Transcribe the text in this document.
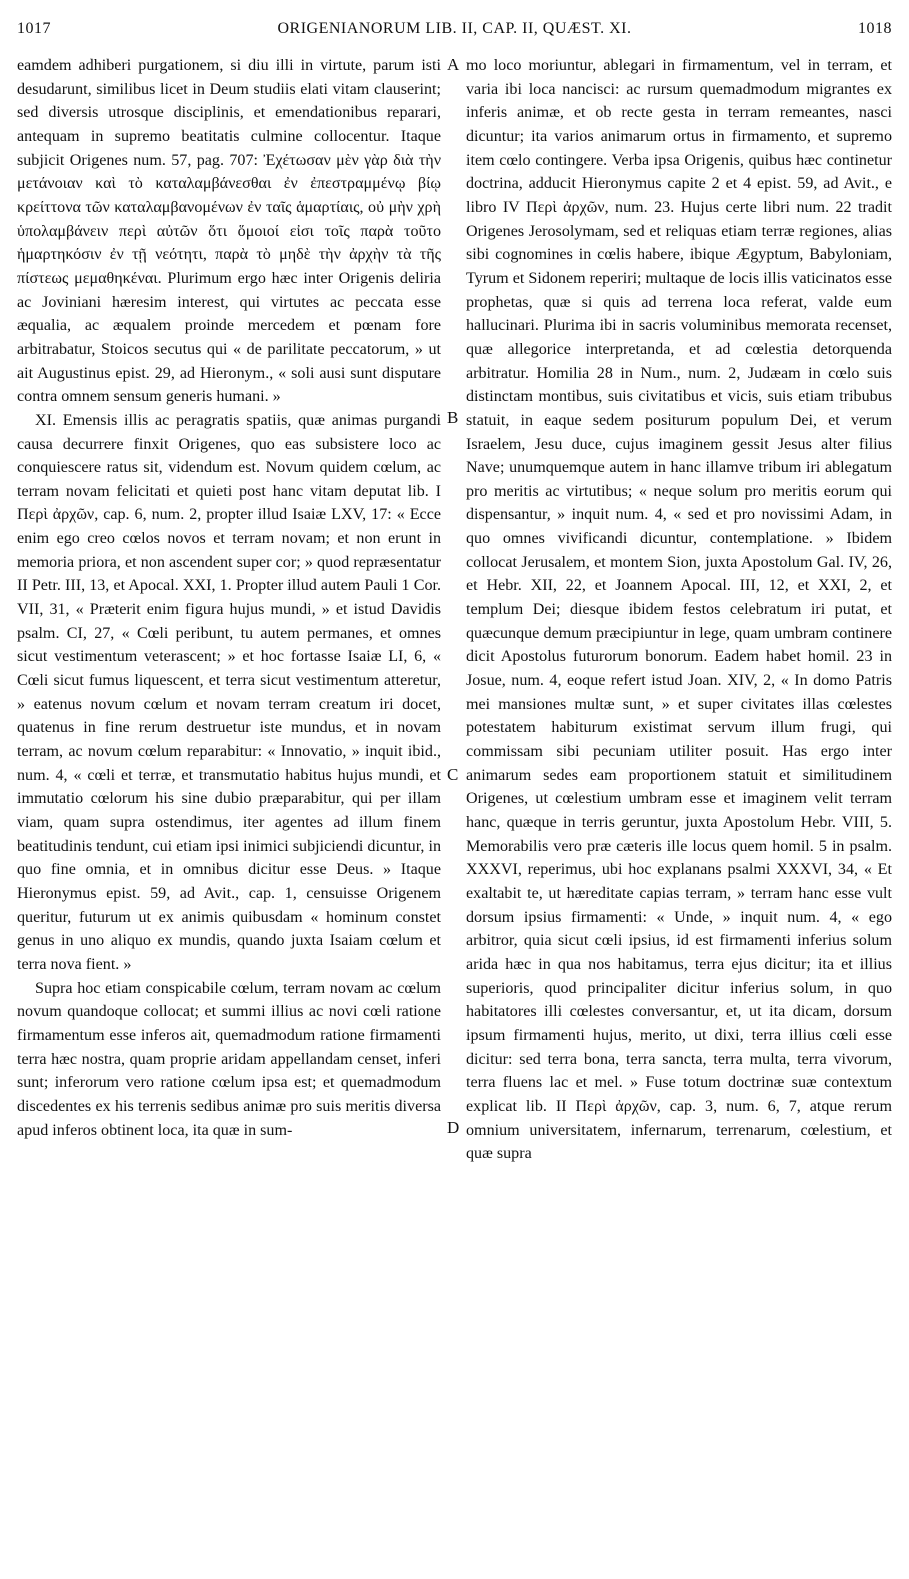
1017	ORIGENIANORUM LIB. II, CAP. II, QUÆST. XI.	1018

eamdem adhiberi purgationem, si diu illi in virtute, parum isti desudarunt, similibus licet in Deum studiis elati vitam clauserint; sed diversis utrosque disciplinis, et emendationibus reparari, antequam in supremo beatitatis culmine collocentur. Itaque subjicit Origenes num. 57, pag. 707: Ἐχέτωσαν μὲν γὰρ διὰ τὴν μετάνοιαν καὶ τὸ καταλαμβάνεσθαι ἐν ἐπεστραμμένῳ βίῳ κρείττονα τῶν καταλαμβανομένων ἐν ταῖς ἁμαρτίαις, οὐ μὴν χρὴ ὑπολαμβάνειν περὶ αὐτῶν ὅτι ὅμοιοί εἰσι τοῖς παρὰ τοῦτο ἡμαρτηκόσιν ἐν τῇ νεότητι, παρὰ τὸ μηδὲ τὴν ἀρχὴν τὰ τῆς πίστεως μεμαθηκέναι. Plurimum ergo hæc inter Origenis deliria ac Joviniani hæresim interest, qui virtutes ac peccata esse æqualia, ac æqualem proinde mercedem et pœnam fore arbitrabatur, Stoicos secutus qui « de parilitate peccatorum, » ut ait Augustinus epist. 29, ad Hieronym., « soli ausi sunt disputare contra omnem sensum generis humani. »

XI. Emensis illis ac peragratis spatiis, quæ animas purgandi causa decurrere finxit Origenes, quo eas subsistere loco ac conquiescere ratus sit, videndum est. Novum quidem cœlum, ac terram novam felicitati et quieti post hanc vitam deputat lib. I Περὶ ἀρχῶν, cap. 6, num. 2, propter illud Isaiæ LXV, 17: « Ecce enim ego creo cœlos novos et terram novam; et non erunt in memoria priora, et non ascendent super cor; » quod repræsentatur II Petr. III, 13, et Apocal. XXI, 1. Propter illud autem Pauli 1 Cor. VII, 31, « Præterit enim figura hujus mundi, » et istud Davidis psalm. CI, 27, « Cœli peribunt, tu autem permanes, et omnes sicut vestimentum veterascent; » et hoc fortasse Isaiæ LI, 6, « Cœli sicut fumus liquescent, et terra sicut vestimentum atteretur, » eatenus novum cœlum et novam terram creatum iri docet, quatenus in fine rerum destruetur iste mundus, et in novam terram, ac novum cœlum reparabitur: « Innovatio, » inquit ibid., num. 4, « cœli et terræ, et transmutatio habitus hujus mundi, et immutatio cœlorum his sine dubio præparabitur, qui per illam viam, quam supra ostendimus, iter agentes ad illum finem beatitudinis tendunt, cui etiam ipsi inimici subjiciendi dicuntur, in quo fine omnia, et in omnibus dicitur esse Deus. » Itaque Hieronymus epist. 59, ad Avit., cap. 1, censuisse Origenem queritur, futurum ut ex animis quibusdam « hominum constet genus in uno aliquo ex mundis, quando juxta Isaiam cœlum et terra nova fient. »

Supra hoc etiam conspicabile cœlum, terram novam ac cœlum novum quandoque collocat; et summi illius ac novi cœli ratione firmamentum esse inferos ait, quemadmodum ratione firmamenti terra hæc nostra, quam proprie aridam appellandam censet, inferi sunt; inferorum vero ratione cœlum ipsa est; et quemadmodum discedentes ex his terrenis sedibus animæ pro suis meritis diversa apud inferos obtinent loca, ita quæ in sum-

A
B
C
D

mo loco moriuntur, ablegari in firmamentum, vel in terram, et varia ibi loca nancisci: ac rursum quemadmodum migrantes ex inferis animæ, et ob recte gesta in terram remeantes, nasci dicuntur; ita varios animarum ortus in firmamento, et supremo item cœlo contingere. Verba ipsa Origenis, quibus hæc continetur doctrina, adducit Hieronymus capite 2 et 4 epist. 59, ad Avit., e libro IV Περὶ ἀρχῶν, num. 23. Hujus certe libri num. 22 tradit Origenes Jerosolymam, sed et reliquas etiam terræ regiones, alias sibi cognomines in cœlis habere, ibique Ægyptum, Babyloniam, Tyrum et Sidonem reperiri; multaque de locis illis vaticinatos esse prophetas, quæ si quis ad terrena loca referat, valde eum hallucinari. Plurima ibi in sacris voluminibus memorata recenset, quæ allegorice interpretanda, et ad cœlestia detorquenda arbitratur. Homilia 28 in Num., num. 2, Judæam in cœlo suis distinctam montibus, suis civitatibus et vicis, suis etiam tribubus statuit, in eaque sedem positurum populum Dei, et verum Israelem, Jesu duce, cujus imaginem gessit Jesus alter filius Nave; unumquemque autem in hanc illamve tribum iri ablegatum pro meritis ac virtutibus; « neque solum pro meritis eorum qui dispensantur, » inquit num. 4, « sed et pro novissimi Adam, in quo omnes vivificandi dicuntur, contemplatione. » Ibidem collocat Jerusalem, et montem Sion, juxta Apostolum Gal. IV, 26, et Hebr. XII, 22, et Joannem Apocal. III, 12, et XXI, 2, et templum Dei; diesque ibidem festos celebratum iri putat, et quæcunque demum præcipiuntur in lege, quam umbram continere dicit Apostolus futurorum bonorum. Eadem habet homil. 23 in Josue, num. 4, eoque refert istud Joan. XIV, 2, « In domo Patris mei mansiones multæ sunt, » et super civitates illas cœlestes potestatem habiturum existimat servum illum frugi, qui commissam sibi pecuniam utiliter posuit. Has ergo inter animarum sedes eam proportionem statuit et similitudinem Origenes, ut cœlestium umbram esse et imaginem velit terram hanc, quæque in terris geruntur, juxta Apostolum Hebr. VIII, 5. Memorabilis vero præ cæteris ille locus quem homil. 5 in psalm. XXXVI, reperimus, ubi hoc explanans psalmi XXXVI, 34, « Et exaltabit te, ut hæreditate capias terram, » terram hanc esse vult dorsum ipsius firmamenti: « Unde, » inquit num. 4, « ego arbitror, quia sicut cœli ipsius, id est firmamenti inferius solum arida hæc in qua nos habitamus, terra ejus dicitur; ita et illius superioris, quod principaliter dicitur inferius solum, in quo habitatores illi cœlestes conversantur, et, ut ita dicam, dorsum ipsum firmamenti hujus, merito, ut dixi, terra illius cœli esse dicitur: sed terra bona, terra sancta, terra multa, terra vivorum, terra fluens lac et mel. » Fuse totum doctrinæ suæ contextum explicat lib. II Περὶ ἀρχῶν, cap. 3, num. 6, 7, atque rerum omnium universitatem, infernarum, terrenarum, cœlestium, et quæ supra
